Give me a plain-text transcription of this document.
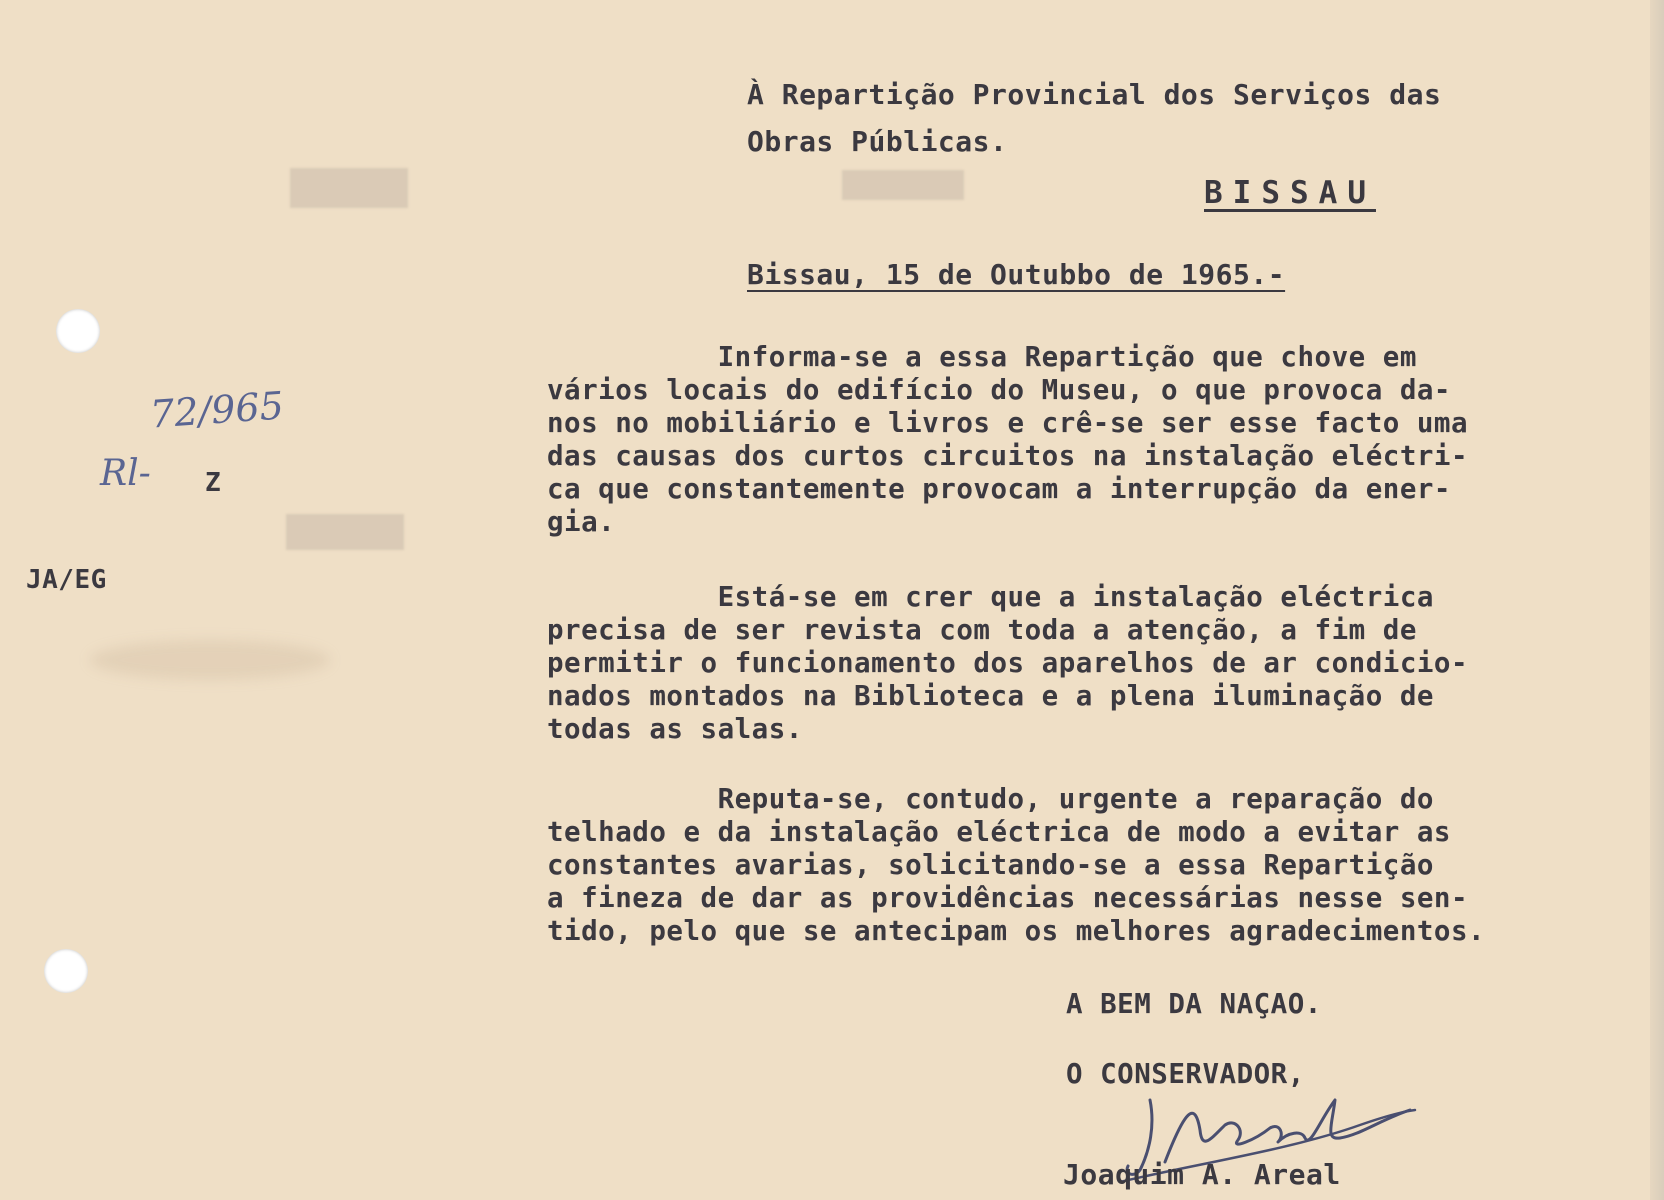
À Repartição Provincial dos Serviços das
Obras Públicas.
BISSAU
Bissau, 15 de Outubbo de 1965.-
72/965
Rl- Z
JA/EG
Informa-se a essa Repartição que chove em
vários locais do edifício do Museu, o que provoca da-
nos no mobiliário e livros e crê-se ser esse facto uma
das causas dos curtos circuitos na instalação eléctri-
ca que constantemente provocam a interrupção da ener-
gia.
Está-se em crer que a instalação eléctrica
precisa de ser revista com toda a atenção, a fim de
permitir o funcionamento dos aparelhos de ar condicio-
nados montados na Biblioteca e a plena iluminação de
todas as salas.
Reputa-se, contudo, urgente a reparação do
telhado e da instalação eléctrica de modo a evitar as
constantes avarias, solicitando-se a essa Repartição
a fineza de dar as providências necessárias nesse sen-
tido, pelo que se antecipam os melhores agradecimentos.
A BEM DA NAÇAO.
O CONSERVADOR,
Joaquim A. Areal
